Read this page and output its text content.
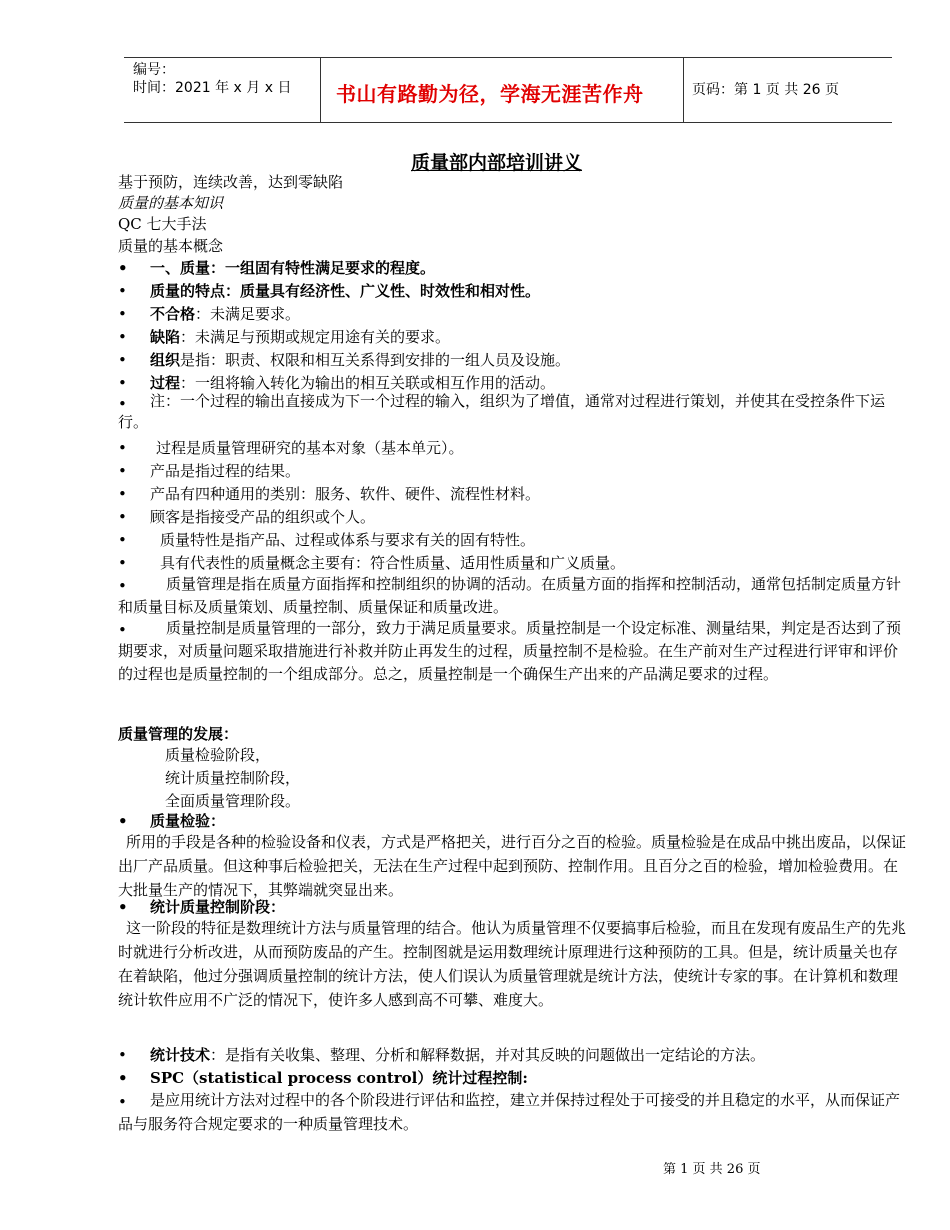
编号：
时间：2021 年 x 月 x 日 书山有路勤为径，学海无涯苦作舟	页码：第 1 页 共 26 页
质量部内部培训讲义
基于预防，连续改善，达到零缺陷
质量的基本知识
QC 七大手法
质量的基本概念
• 一、质量：一组固有特性满足要求的程度。
• 质量的特点：质量具有经济性、广义性、时效性和相对性。
• 不合格：未满足要求。
• 缺陷：未满足与预期或规定用途有关的要求。
• 组织是指：职责、权限和相互关系得到安排的一组人员及设施。
• 过程：一组将输入转化为输出的相互关联或相互作用的活动。
•	注：一个过程的输出直接成为下一个过程的输入，组织为了增值，通常对过程进行策划，并使其在受控条件下运行。
• 过程是质量管理研究的基本对象（基本单元）。
• 产品是指过程的结果。
• 产品有四种通用的类别：服务、软件、硬件、流程性材料。
• 顾客是指接受产品的组织或个人。
• 质量特性是指产品、过程或体系与要求有关的固有特性。
• 具有代表性的质量概念主要有：符合性质量、适用性质量和广义质量。
•	质量管理是指在质量方面指挥和控制组织的协调的活动。在质量方面的指挥和控制活动，通常包括制定质量方针和质量目标及质量策划、质量控制、质量保证和质量改进。
•	质量控制是质量管理的一部分，致力于满足质量要求。质量控制是一个设定标准、测量结果，判定是否达到了预期要求，对质量问题采取措施进行补救并防止再发生的过程，质量控制不是检验。在生产前对生产过程进行评审和评价的过程也是质量控制的一个组成部分。总之，质量控制是一个确保生产出来的产品满足要求的过程。
质量管理的发展：
质量检验阶段，
统计质量控制阶段，
全面质量管理阶段。
• 质量检验：
所用的手段是各种的检验设备和仪表，方式是严格把关，进行百分之百的检验。质量检验是在成品中挑出废品，以保证出厂产品质量。但这种事后检验把关，无法在生产过程中起到预防、控制作用。且百分之百的检验，增加检验费用。在大批量生产的情况下，其弊端就突显出来。
• 统计质量控制阶段：
这一阶段的特征是数理统计方法与质量管理的结合。他认为质量管理不仅要搞事后检验，而且在发现有废品生产的先兆时就进行分析改进，从而预防废品的产生。控制图就是运用数理统计原理进行这种预防的工具。但是，统计质量关也存在着缺陷，他过分强调质量控制的统计方法，使人们误认为质量管理就是统计方法，使统计专家的事。在计算机和数理统计软件应用不广泛的情况下，使许多人感到高不可攀、难度大。
• 统计技术：是指有关收集、整理、分析和解释数据，并对其反映的问题做出一定结论的方法。
• SPC（statistical process control）统计过程控制:
•	是应用统计方法对过程中的各个阶段进行评估和监控，建立并保持过程处于可接受的并且稳定的水平，从而保证产品与服务符合规定要求的一种质量管理技术。
第 1 页 共 26 页
